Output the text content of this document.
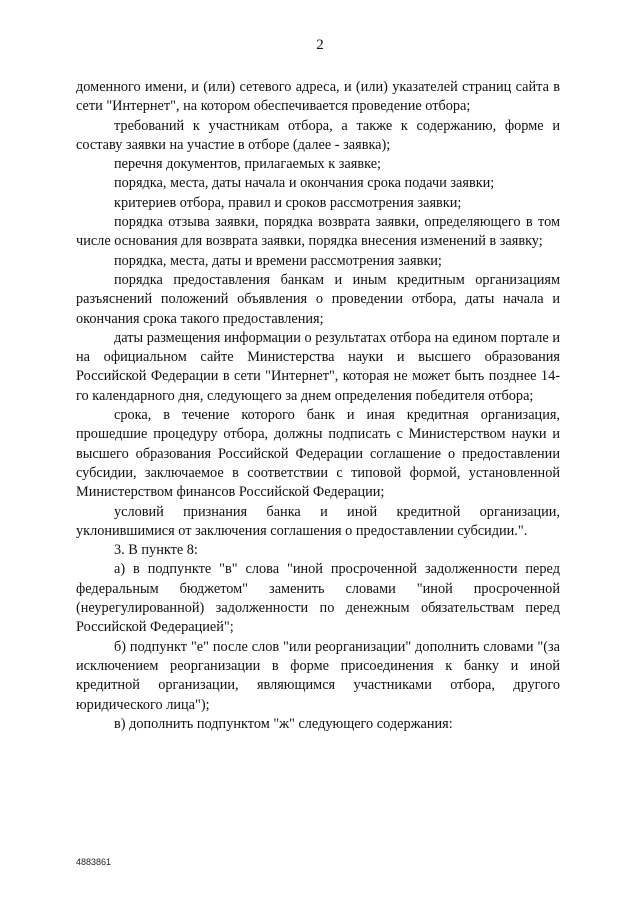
2

доменного имени, и (или) сетевого адреса, и (или) указателей страниц сайта в сети "Интернет", на котором обеспечивается проведение отбора;

требований к участникам отбора, а также к содержанию, форме и составу заявки на участие в отборе (далее - заявка);

перечня документов, прилагаемых к заявке;

порядка, места, даты начала и окончания срока подачи заявки;

критериев отбора, правил и сроков рассмотрения заявки;

порядка отзыва заявки, порядка возврата заявки, определяющего в том числе основания для возврата заявки, порядка внесения изменений в заявку;

порядка, места, даты и времени рассмотрения заявки;

порядка предоставления банкам и иным кредитным организациям разъяснений положений объявления о проведении отбора, даты начала и окончания срока такого предоставления;

даты размещения информации о результатах отбора на едином портале и на официальном сайте Министерства науки и высшего образования Российской Федерации в сети "Интернет", которая не может быть позднее 14-го календарного дня, следующего за днем определения победителя отбора;

срока, в течение которого банк и иная кредитная организация, прошедшие процедуру отбора, должны подписать с Министерством науки и высшего образования Российской Федерации соглашение о предоставлении субсидии, заключаемое в соответствии с типовой формой, установленной Министерством финансов Российской Федерации;

условий признания банка и иной кредитной организации, уклонившимися от заключения соглашения о предоставлении субсидии.".

3. В пункте 8:

а) в подпункте "в" слова "иной просроченной задолженности перед федеральным бюджетом" заменить словами "иной просроченной (неурегулированной) задолженности по денежным обязательствам перед Российской Федерацией";

б) подпункт "е" после слов "или реорганизации" дополнить словами "(за исключением реорганизации в форме присоединения к банку и иной кредитной организации, являющимся участниками отбора, другого юридического лица");

в) дополнить подпунктом "ж" следующего содержания:

4883861
